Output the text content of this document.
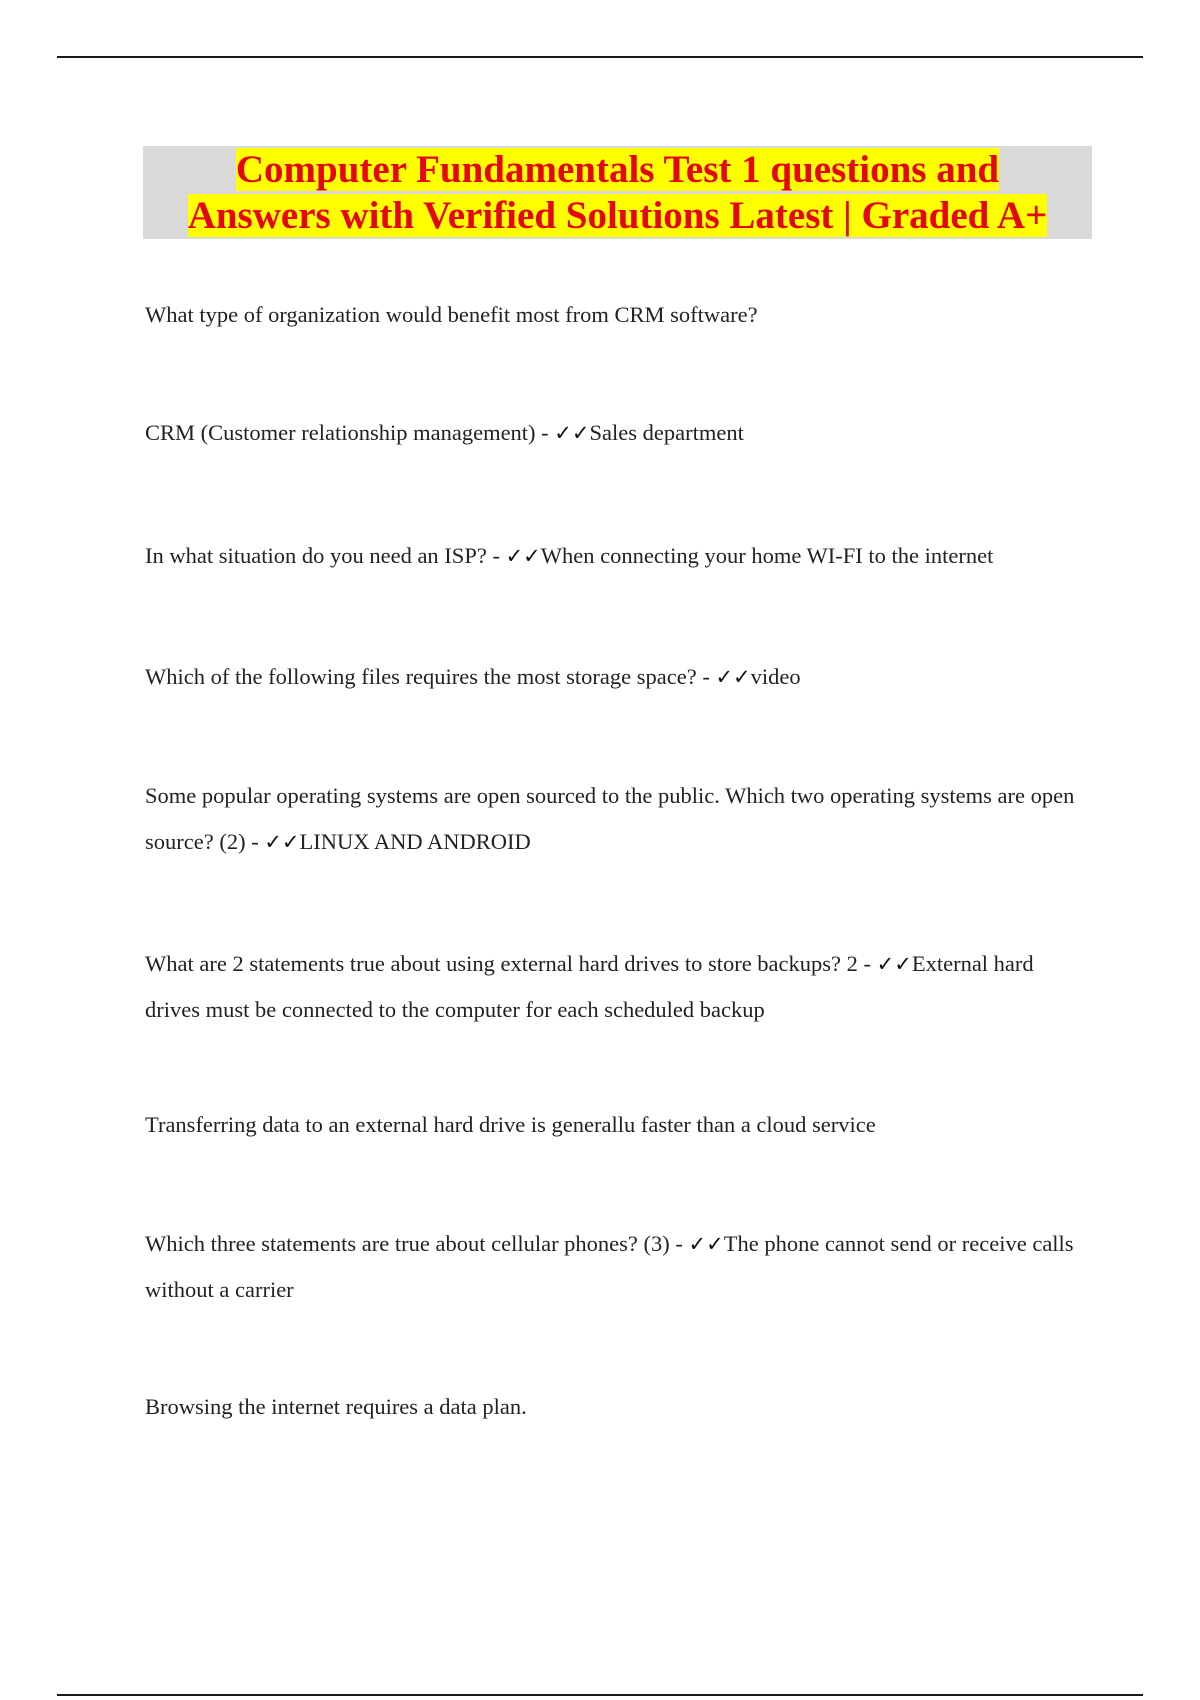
Computer Fundamentals Test 1 questions and
Answers with Verified Solutions Latest | Graded A+

What type of organization would benefit most from CRM software?

CRM (Customer relationship management) - ✓✓Sales department

In what situation do you need an ISP? - ✓✓When connecting your home WI-FI to the internet

Which of the following files requires the most storage space? - ✓✓video

Some popular operating systems are open sourced to the public. Which two operating systems are open source? (2) - ✓✓LINUX AND ANDROID

What are 2 statements true about using external hard drives to store backups? 2 - ✓✓External hard drives must be connected to the computer for each scheduled backup

Transferring data to an external hard drive is generallu faster than a cloud service

Which three statements are true about cellular phones? (3) - ✓✓The phone cannot send or receive calls without a carrier

Browsing the internet requires a data plan.
